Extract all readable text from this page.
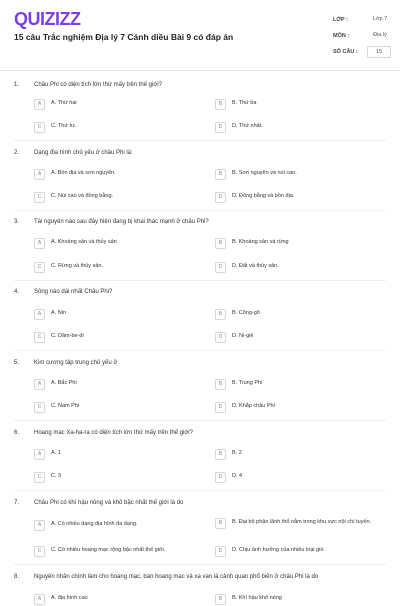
QUIZIZZ
15 câu Trắc nghiệm Địa lý 7 Cánh diều Bài 9 có đáp án
LỚP :	Lớp 7
MÔN :	Địa lý
SỐ CÂU :	15
1. Châu Phi có diện tích lớn thứ mấy trên thế giới?
A	A. Thứ hai	B	B. Thứ ba
C	C. Thứ tư.	D	D. Thứ nhất.
2. Dạng địa hình chủ yếu ở châu Phi là:
A	A. Bồn địa và sơn nguyên.	B	B. Sơn nguyên và núi cao.
C	C. Núi cao và đồng bằng.	D	D. Đồng bằng và bồn địa.
3. Tài nguyên nào sau đây hiện đang bị khai thác mạnh ở châu Phi?
A	A. Khoáng sản và thủy sản	B	B. Khoáng sản và rừng
C	C. Rừng và thủy sản.	D	D. Đất và thủy sản.
4. Sông nào dài nhất Châu Phi?
A	A. Nin	B	B. Công-gô
C	C. Dăm-be-di	D	D. Ni-giê
5. Kim cương tập trung chủ yếu ở
A	A. Bắc Phi	B	B. Trung Phi
C	C. Nam Phi	D	D. Khắp châu Phi
6. Hoang mạc Xa-ha-ra có diện tích lớn thứ mấy trên thế giới?
A	A. 1	B	B. 2
C	C. 3	D	D. 4
7. Châu Phi có khí hậu nóng và khô bậc nhất thế giới là do
A	A. Có nhiều dạng địa hình đa dạng.	B	B. Đại bộ phận lãnh thổ nằm trong khu vực nội chí tuyến.
C	C. Có nhiều hoang mạc rộng bậc nhất thế giới.	D	D. Chịu ảnh hưởng của nhiều loại gió.
8. Nguyên nhân chính làm cho hoang mạc, bán hoang mạc và xa van là cảnh quan phổ biến ở châu Phi là do
A	A. địa hình cao	B	B. Khí hậu khô nóng
